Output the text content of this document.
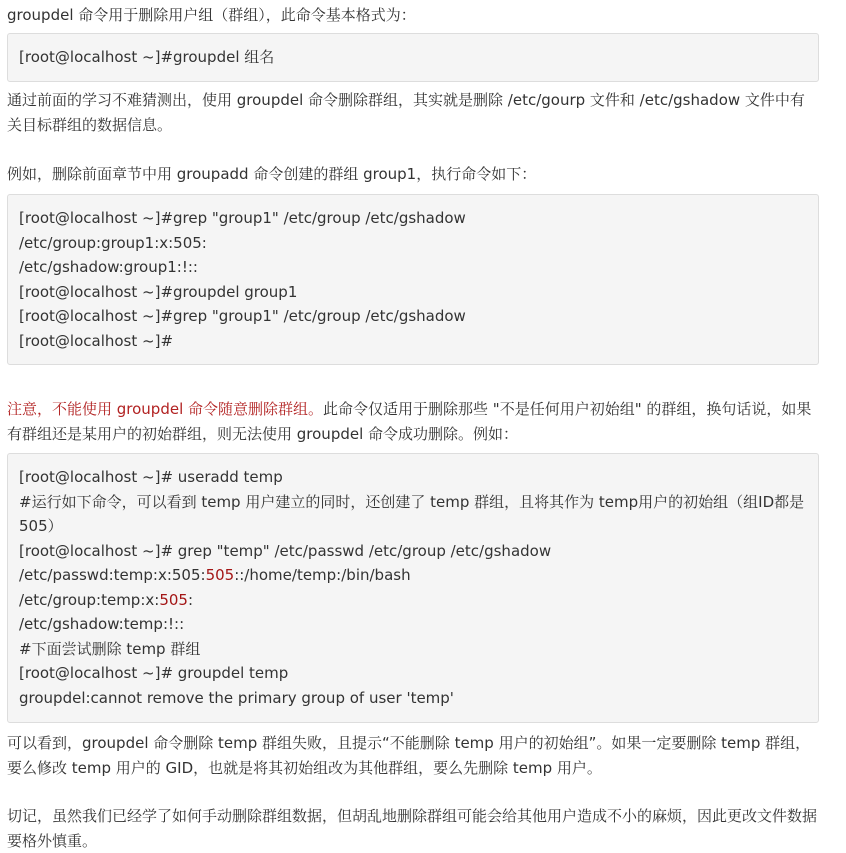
groupdel 命令用于删除用户组（群组），此命令基本格式为：

[root@localhost ~]#groupdel 组名

通过前面的学习不难猜测出，使用 groupdel 命令删除群组，其实就是删除 /etc/gourp 文件和 /etc/gshadow 文件中有关目标群组的数据信息。

例如，删除前面章节中用 groupadd 命令创建的群组 group1，执行命令如下：

[root@localhost ~]#grep "group1" /etc/group /etc/gshadow
/etc/group:group1:x:505:
/etc/gshadow:group1:!::
[root@localhost ~]#groupdel group1
[root@localhost ~]#grep "group1" /etc/group /etc/gshadow
[root@localhost ~]#

注意，不能使用 groupdel 命令随意删除群组。此命令仅适用于删除那些 "不是任何用户初始组" 的群组，换句话说，如果有群组还是某用户的初始群组，则无法使用 groupdel 命令成功删除。例如：

[root@localhost ~]# useradd temp
#运行如下命令，可以看到 temp 用户建立的同时，还创建了 temp 群组，且将其作为 temp用户的初始组（组ID都是 505）
[root@localhost ~]# grep "temp" /etc/passwd /etc/group /etc/gshadow
/etc/passwd:temp:x:505:505::/home/temp:/bin/bash
/etc/group:temp:x:505:
/etc/gshadow:temp:!::
#下面尝试删除 temp 群组
[root@localhost ~]# groupdel temp
groupdel:cannot remove the primary group of user 'temp'

可以看到，groupdel 命令删除 temp 群组失败，且提示“不能删除 temp 用户的初始组”。如果一定要删除 temp 群组，要么修改 temp 用户的 GID，也就是将其初始组改为其他群组，要么先删除 temp 用户。

切记，虽然我们已经学了如何手动删除群组数据，但胡乱地删除群组可能会给其他用户造成不小的麻烦，因此更改文件数据要格外慎重。
